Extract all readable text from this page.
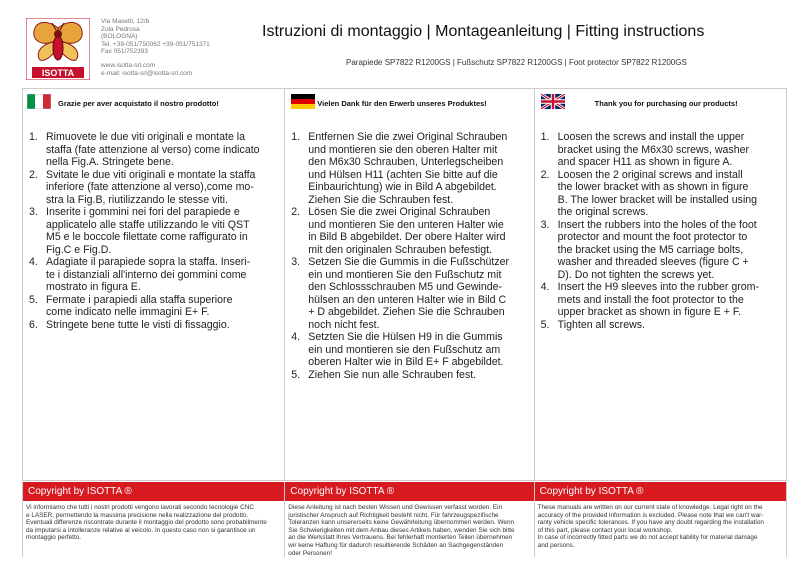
ISOTTA
Via Masetti, 12/b
Zola Pedrosa
(BOLOGNA)
Tel. +39-051/750062 +39-051/751371
Fax 051/752393
www.isotta-srl.com
e-mail: isotta-srl@isotta-srl.com
Istruzioni di montaggio | Montageanleitung | Fitting instructions
Parapiede SP7822 R1200GS | Fußschutz SP7822 R1200GS | Foot protector SP7822 R1200GS
Grazie per aver acquistato il nostro prodotto!
1. Rimuovete le due viti originali e montate la
staffa (fate attenzione al verso) come indicato
nella Fig.A. Stringete bene.
2. Svitate le due viti originali e montate la staffa
inferiore (fate attenzione al verso),come mo-
stra la Fig.B, riutilizzando le stesse viti.
3. Inserite i gommini nei fori del parapiede e
applicatelo alle staffe utilizzando le viti QST
M5 e le boccole filettate come raffigurato in
Fig.C e Fig.D.
4. Adagiate il parapiede sopra la staffa. Inseri-
te i distanziali all'interno dei gommini come
mostrato in figura E.
5. Fermate i parapiedi alla staffa superiore
come indicato nelle immagini E+ F.
6. Stringete bene tutte le visti di fissaggio.
Vielen Dank für den Erwerb unseres Produktes!
1. Entfernen Sie die zwei Original Schrauben
und montieren sie den oberen Halter mit
den M6x30 Schrauben, Unterlegscheiben
und Hülsen H11 (achten Sie bitte auf die
Einbaurichtung) wie in Bild A abgebildet.
Ziehen Sie die Schrauben fest.
2. Lösen Sie die zwei Original Schrauben
und montieren Sie den unteren Halter wie
in Bild B abgebildet. Der obere Halter wird
mit den originalen Schrauben befestigt.
3. Setzen Sie die Gummis in die Fußschützer
ein und montieren Sie den Fußschutz mit
den Schlossschrauben M5 und Gewinde-
hülsen an den unteren Halter wie in Bild C
+ D abgebildet. Ziehen Sie die Schrauben
noch nicht fest.
4. Setzten Sie die Hülsen H9 in die Gummis
ein und montieren sie den Fußschutz am
oberen Halter wie in Bild E+ F abgebildet.
5. Ziehen Sie nun alle Schrauben fest.
Thank you for purchasing our products!
1. Loosen the screws and install the upper
bracket using the M6x30 screws, washer
and spacer H11 as shown in figure A.
2. Loosen the 2 original screws and install
the lower bracket with as shown in figure
B. The lower bracket will be installed using
the original screws.
3. Insert the rubbers into the holes of the foot
protector and mount the foot protector to
the bracket using the M5 carriage bolts,
washer and threaded sleeves (figure C +
D). Do not tighten the screws yet.
4. Insert the H9 sleeves into the rubber grom-
mets and install the foot protector to the
upper bracket as shown in figure E + F.
5. Tighten all screws.
Copyright by ISOTTA ®
Vi informiamo che tutti i nostri prodotti vengono lavorati secondo tecnologie CNC
e LASER, permettendo la massima precisione nella realizzazione del prodotto.
Eventuali differenze riscontrate durante il montaggio del prodotto sono probabilmente
da imputarsi a intolleranze relative al veicolo. In questo caso non si garantisce un
montaggio perfetto.
Copyright by ISOTTA ®
Diese Anleitung ist nach besten Wissen und Gewissen verfasst worden. Ein
juristischer Anspruch auf Richtigkeit besteht nicht. Für fahrzeugspezifische
Toleranzen kann unsererseits keine Gewährleitung übernommen werden. Wenn
Sie Schwierigkeiten mit dem Anbau dieses Artikels haben, wenden Sie sich bitte
an die Werkstatt Ihres Vertrauens. Bei fehlerhaft montierten Teilen übernehmen
wir keine Haftung für dadurch resultierende Schäden an Sachgegenständen
oder Personen!
Copyright by ISOTTA ®
These manuals are written on our current state of knowledge. Legal right on the
accuracy of the provided information is excluded. Please note that we can't war-
ranty vehicle specific tolerances. If you have any doubt regarding the installation
of this part, please contact your local workshop.
In case of incorrectly fitted parts we do not accept liability for material damage
and persons.
